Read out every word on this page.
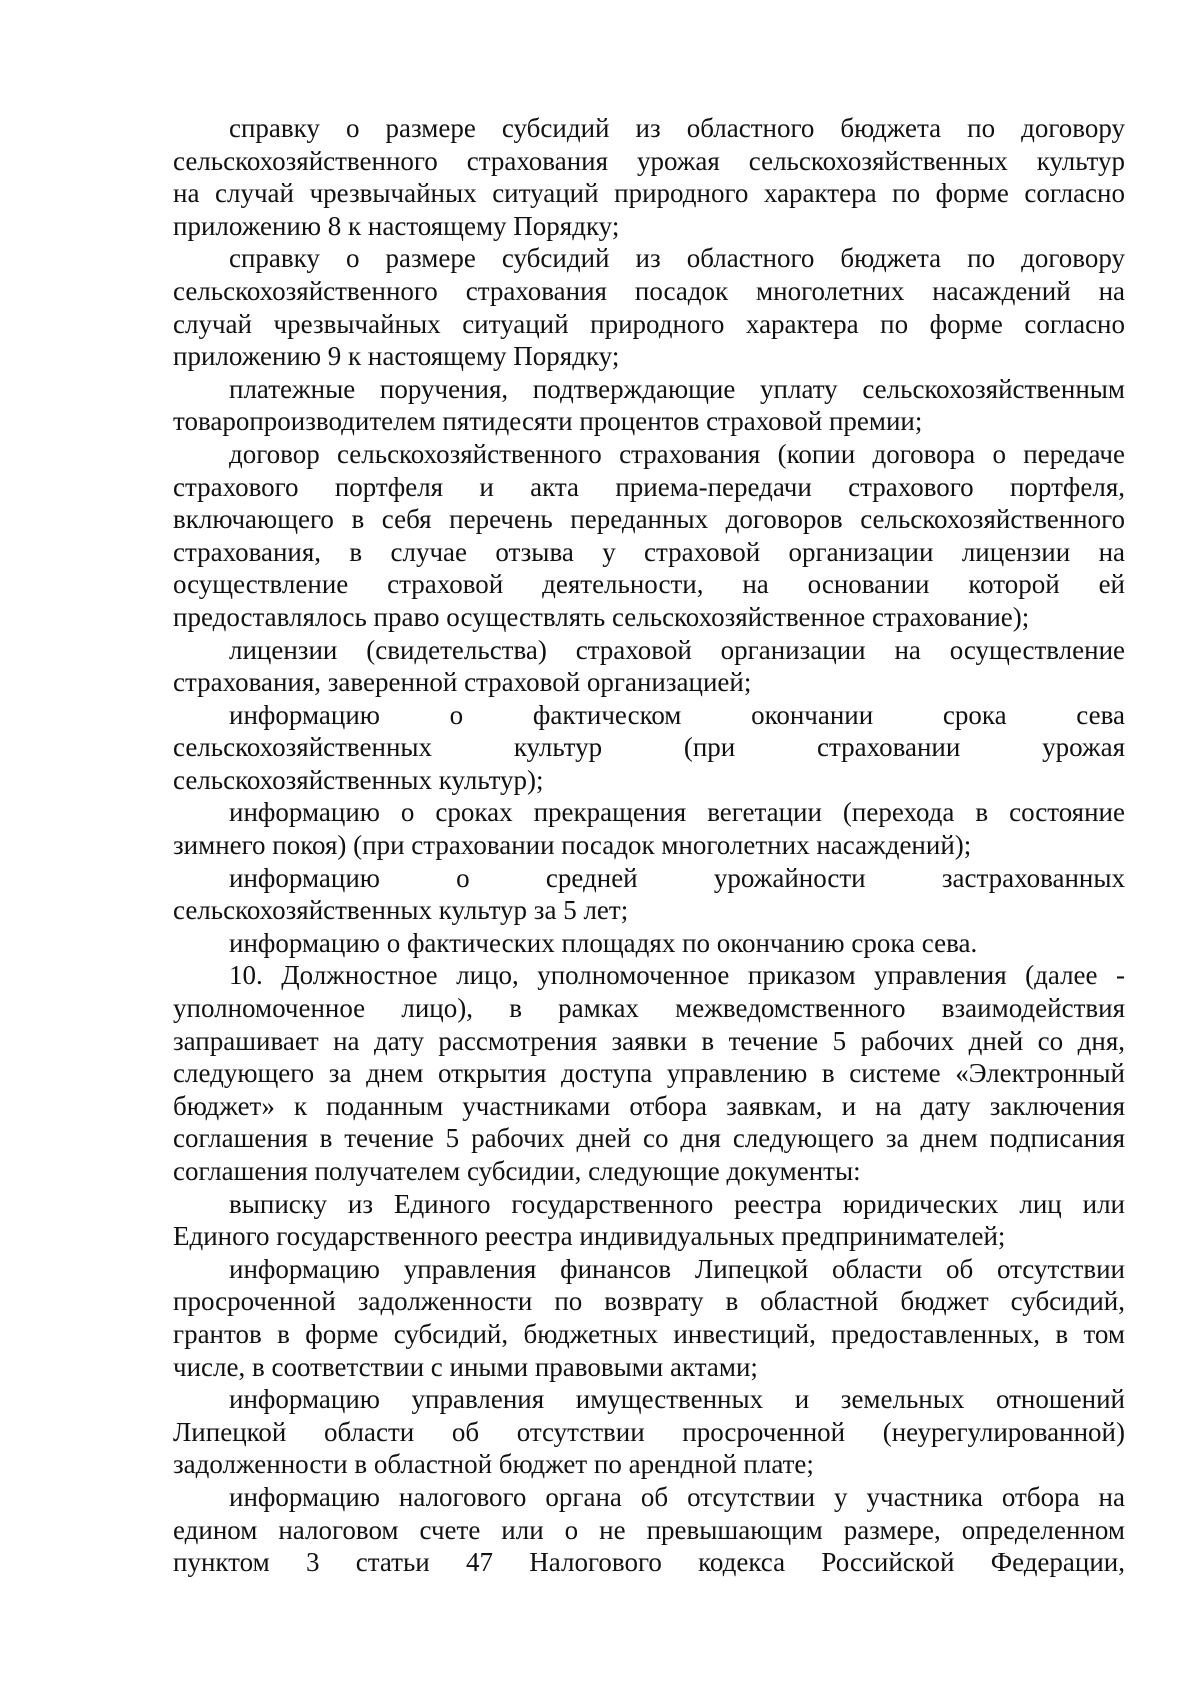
справку о размере субсидий из областного бюджета по договору
сельскохозяйственного страхования урожая сельскохозяйственных культур
на случай чрезвычайных ситуаций природного характера по форме согласно
приложению 8 к настоящему Порядку;
справку о размере субсидий из областного бюджета по договору
сельскохозяйственного страхования посадок многолетних насаждений на
случай чрезвычайных ситуаций природного характера по форме согласно
приложению 9 к настоящему Порядку;
платежные поручения, подтверждающие уплату сельскохозяйственным
товаропроизводителем пятидесяти процентов страховой премии;
договор сельскохозяйственного страхования (копии договора о передаче
страхового портфеля и акта приема-передачи страхового портфеля,
включающего в себя перечень переданных договоров сельскохозяйственного
страхования, в случае отзыва у страховой организации лицензии на
осуществление страховой деятельности, на основании которой ей
предоставлялось право осуществлять сельскохозяйственное страхование);
лицензии (свидетельства) страховой организации на осуществление
страхования, заверенной страховой организацией;
информацию о фактическом окончании срока сева
сельскохозяйственных культур (при страховании урожая
сельскохозяйственных культур);
информацию о сроках прекращения вегетации (перехода в состояние
зимнего покоя) (при страховании посадок многолетних насаждений);
информацию о средней урожайности застрахованных
сельскохозяйственных культур за 5 лет;
информацию о фактических площадях по окончанию срока сева.
10. Должностное лицо, уполномоченное приказом управления (далее -
уполномоченное лицо), в рамках межведомственного взаимодействия
запрашивает на дату рассмотрения заявки в течение 5 рабочих дней со дня,
следующего за днем открытия доступа управлению в системе «Электронный
бюджет» к поданным участниками отбора заявкам, и на дату заключения
соглашения в течение 5 рабочих дней со дня следующего за днем подписания
соглашения получателем субсидии, следующие документы:
выписку из Единого государственного реестра юридических лиц или
Единого государственного реестра индивидуальных предпринимателей;
информацию управления финансов Липецкой области об отсутствии
просроченной задолженности по возврату в областной бюджет субсидий,
грантов в форме субсидий, бюджетных инвестиций, предоставленных, в том
числе, в соответствии с иными правовыми актами;
информацию управления имущественных и земельных отношений
Липецкой области об отсутствии просроченной (неурегулированной)
задолженности в областной бюджет по арендной плате;
информацию налогового органа об отсутствии у участника отбора на
едином налоговом счете или о не превышающим размере, определенном
пунктом 3 статьи 47 Налогового кодекса Российской Федерации,
